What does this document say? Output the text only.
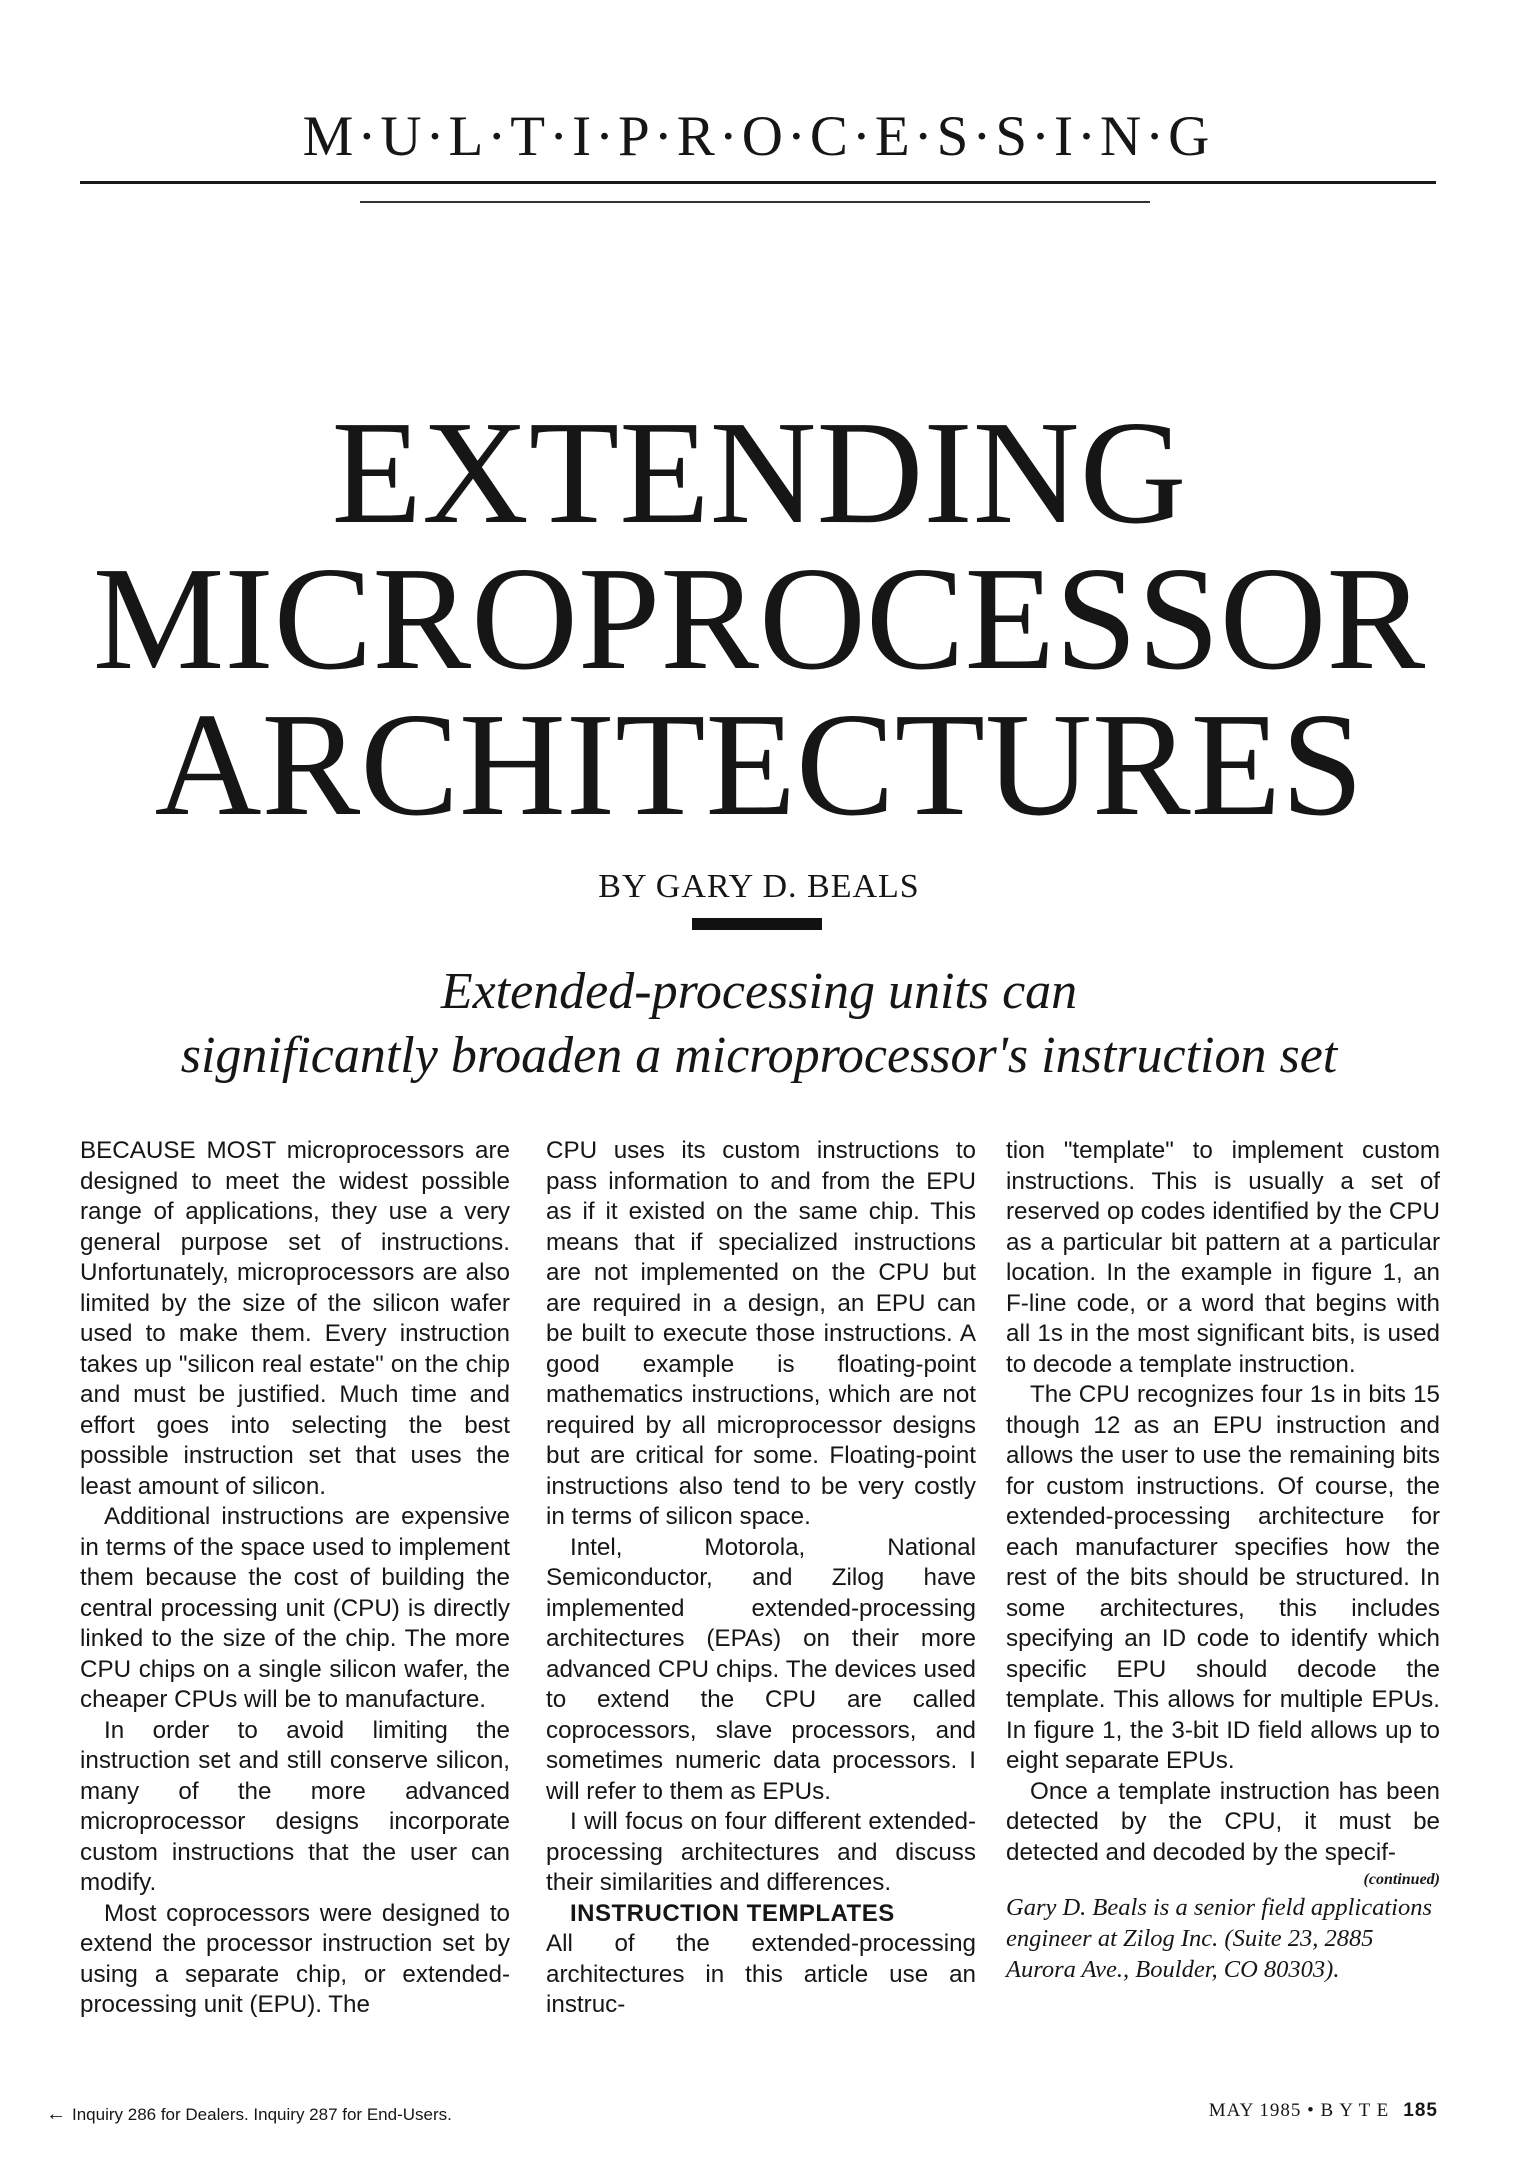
M·U·L·T·I·P·R·O·C·E·S·S·I·N·G
EXTENDING
MICROPROCESSOR
ARCHITECTURES
BY GARY D. BEALS
Extended-processing units can
significantly broaden a microprocessor's instruction set

BECAUSE MOST microprocessors are designed to meet the widest possible range of applications, they use a very general purpose set of instructions. Unfortunately, microprocessors are also limited by the size of the silicon wafer used to make them. Every instruction takes up "silicon real estate" on the chip and must be justified. Much time and effort goes into selecting the best possible instruction set that uses the least amount of silicon.

Additional instructions are expensive in terms of the space used to implement them because the cost of building the central processing unit (CPU) is directly linked to the size of the chip. The more CPU chips on a single silicon wafer, the cheaper CPUs will be to manufacture.

In order to avoid limiting the instruction set and still conserve silicon, many of the more advanced microprocessor designs incorporate custom instructions that the user can modify.

Most coprocessors were designed to extend the processor instruction set by using a separate chip, or extended-processing unit (EPU). The

CPU uses its custom instructions to pass information to and from the EPU as if it existed on the same chip. This means that if specialized instructions are not implemented on the CPU but are required in a design, an EPU can be built to execute those instructions. A good example is floating-point mathematics instructions, which are not required by all microprocessor designs but are critical for some. Floating-point instructions also tend to be very costly in terms of silicon space.

Intel, Motorola, National Semiconductor, and Zilog have implemented extended-processing architectures (EPAs) on their more advanced CPU chips. The devices used to extend the CPU are called coprocessors, slave processors, and sometimes numeric data processors. I will refer to them as EPUs.

I will focus on four different extended-processing architectures and discuss their similarities and differences.

INSTRUCTION TEMPLATES

All of the extended-processing architectures in this article use an instruc-

tion "template" to implement custom instructions. This is usually a set of reserved op codes identified by the CPU as a particular bit pattern at a particular location. In the example in figure 1, an F-line code, or a word that begins with all 1s in the most significant bits, is used to decode a template instruction.

The CPU recognizes four 1s in bits 15 though 12 as an EPU instruction and allows the user to use the remaining bits for custom instructions. Of course, the extended-processing architecture for each manufacturer specifies how the rest of the bits should be structured. In some architectures, this includes specifying an ID code to identify which specific EPU should decode the template. This allows for multiple EPUs. In figure 1, the 3-bit ID field allows up to eight separate EPUs.

Once a template instruction has been detected by the CPU, it must be detected and decoded by the specif-

(continued)
Gary D. Beals is a senior field applications engineer at Zilog Inc. (Suite 23, 2885 Aurora Ave., Boulder, CO 80303).
← Inquiry 286 for Dealers. Inquiry 287 for End-Users.	MAY 1985 • B Y T E 185
